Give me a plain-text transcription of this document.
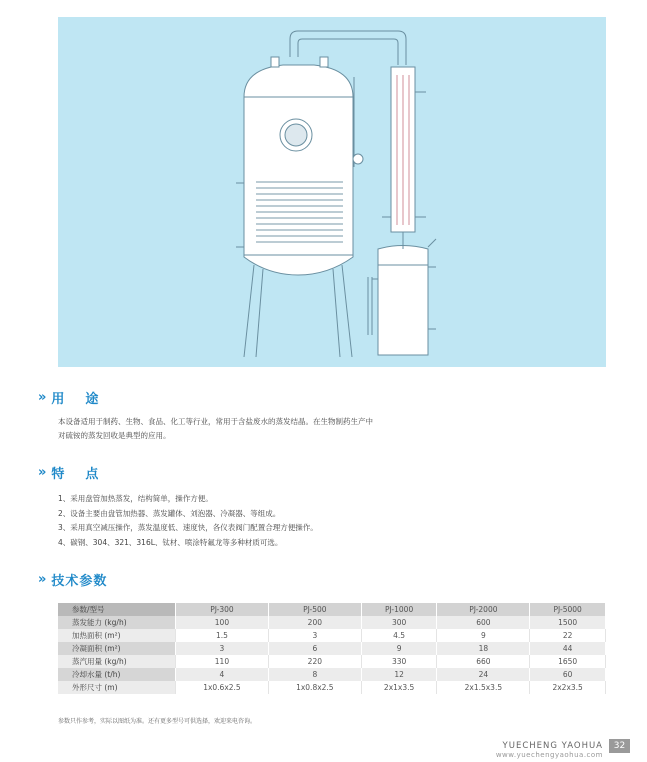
» 用　途
本设备适用于制药、生物、食品、化工等行业，常用于含盐废水的蒸发结晶。在生物制药生产中
对硫铵的蒸发回收是典型的应用。
» 特　点
1、采用盘管加热蒸发，结构简单，操作方便。
2、设备主要由盘管加热器、蒸发罐体、刘泡器、冷凝器、等组成。
3、采用真空减压操作，蒸发温度低、速度快，各仪表阀门配置合理方便操作。
4、碳钢、304、321、316L、钛材、喷涂特氟龙等多种材质可选。
» 技术参数
参数/型号	PJ-300	PJ-500	PJ-1000	PJ-2000	PJ-5000
蒸发能力 (kg/h)	100	200	300	600	1500
加热面积 (m²)	1.5	3	4.5	9	22
冷凝面积 (m²)	3	6	9	18	44
蒸汽用量 (kg/h)	110	220	330	660	1650
冷却水量 (t/h)	4	8	12	24	60
外形尺寸 (m)	1x0.6x2.5	1x0.8x2.5	2x1x3.5	2x1.5x3.5	2x2x3.5
参数只作参考，实际以图纸为准。还有更多型号可供选择，欢迎来电咨询。
YUECHENG YAOHUA
www.yuechengyaohua.com
32
